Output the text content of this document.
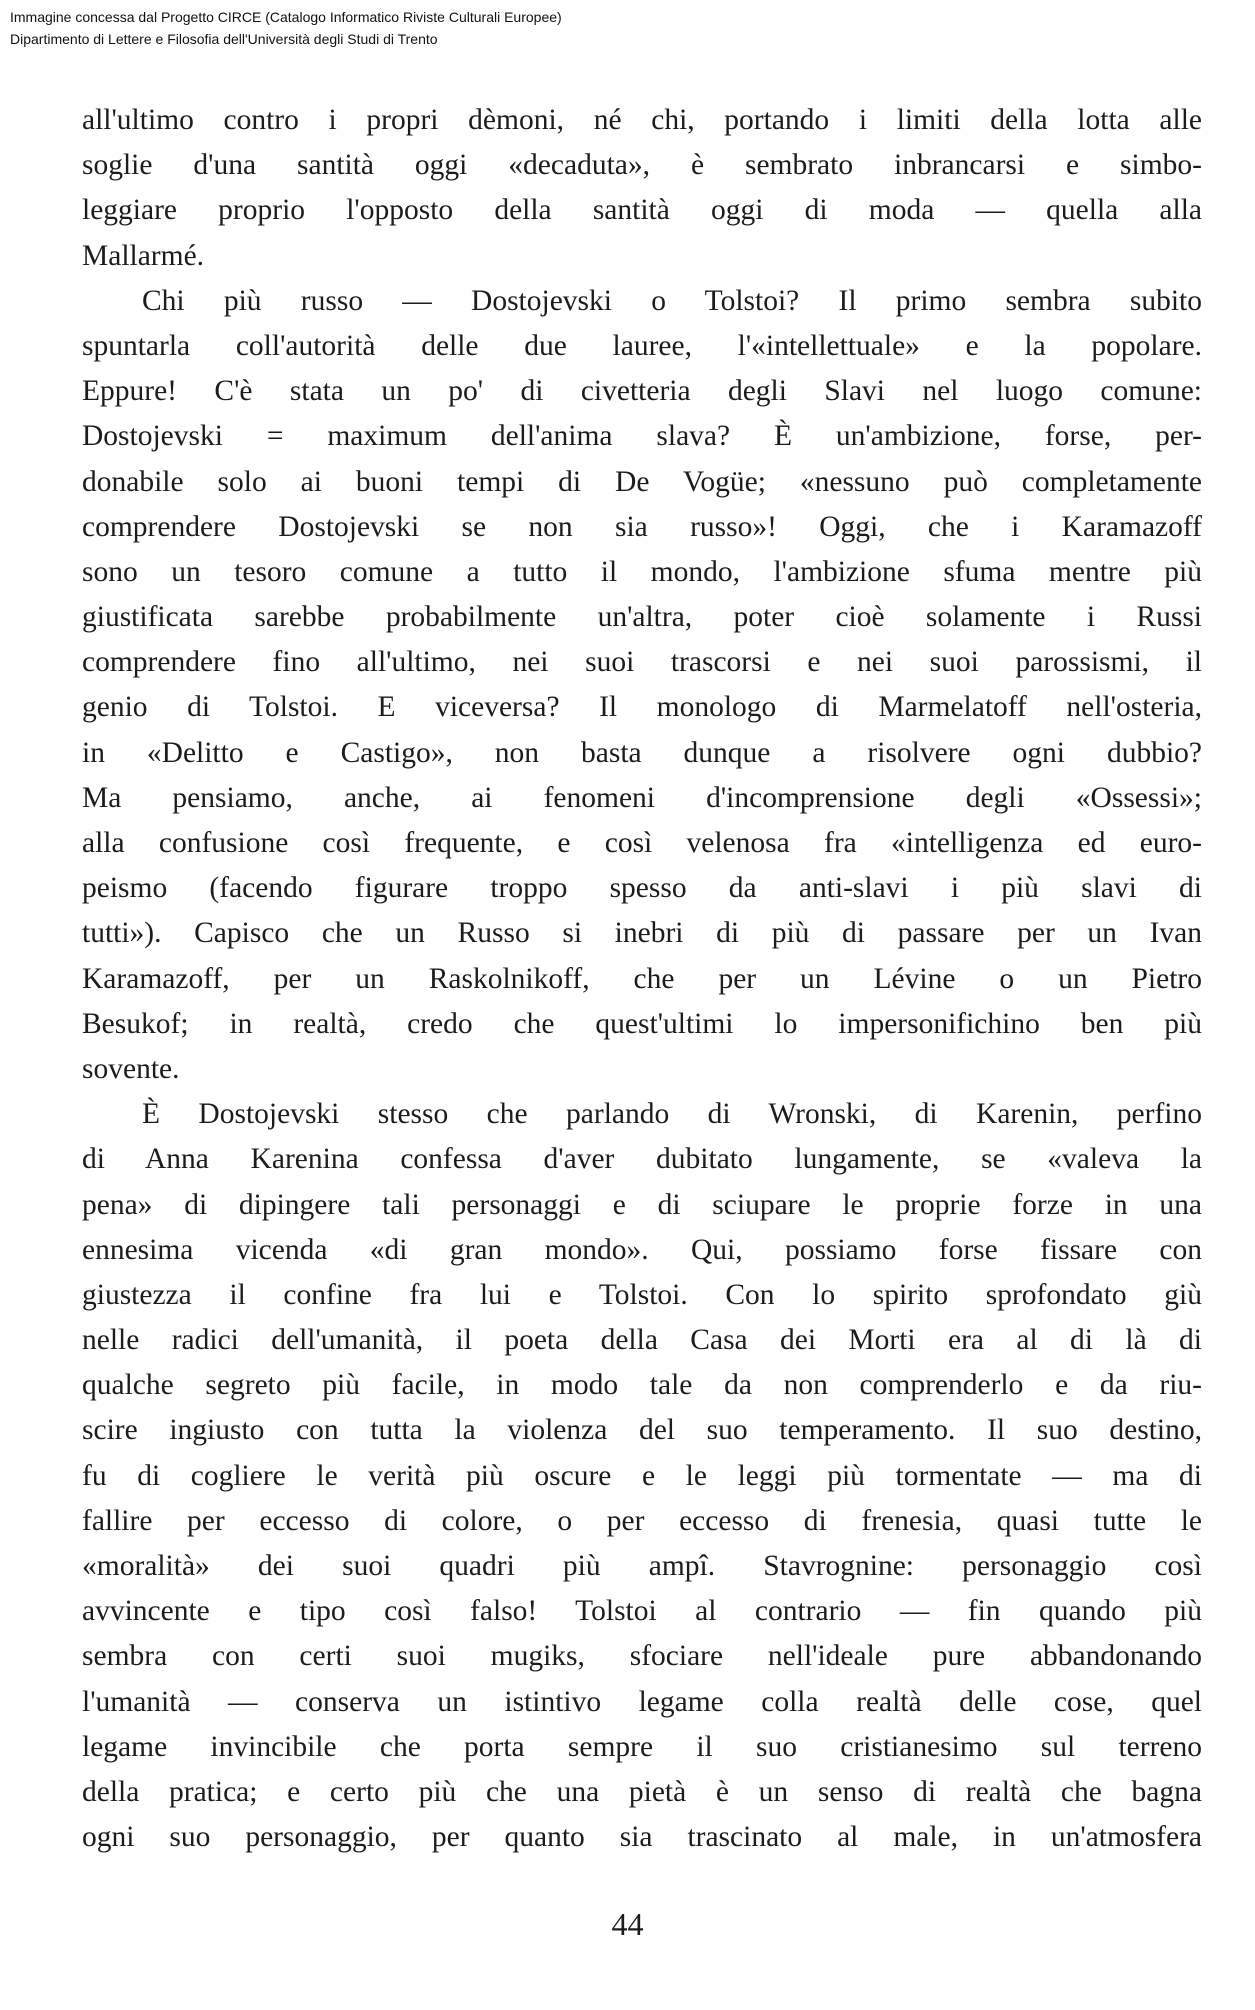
Immagine concessa dal Progetto CIRCE (Catalogo Informatico Riviste Culturali Europee)
Dipartimento di Lettere e Filosofia dell'Università degli Studi di Trento
all'ultimo contro i propri dèmoni, né chi, portando i limiti della lotta alle
soglie d'una santità oggi «decaduta», è sembrato inbrancarsi e simbo-
leggiare proprio l'opposto della santità oggi di moda — quella alla
Mallarmé.
Chi più russo — Dostojevski o Tolstoi? Il primo sembra subito
spuntarla coll'autorità delle due lauree, l'«intellettuale» e la popolare.
Eppure! C'è stata un po' di civetteria degli Slavi nel luogo comune:
Dostojevski = maximum dell'anima slava? È un'ambizione, forse, per-
donabile solo ai buoni tempi di De Vogüe; «nessuno può completamente
comprendere Dostojevski se non sia russo»! Oggi, che i Karamazoff
sono un tesoro comune a tutto il mondo, l'ambizione sfuma mentre più
giustificata sarebbe probabilmente un'altra, poter cioè solamente i Russi
comprendere fino all'ultimo, nei suoi trascorsi e nei suoi parossismi, il
genio di Tolstoi. E viceversa? Il monologo di Marmelatoff nell'osteria,
in «Delitto e Castigo», non basta dunque a risolvere ogni dubbio?
Ma pensiamo, anche, ai fenomeni d'incomprensione degli «Ossessi»;
alla confusione così frequente, e così velenosa fra «intelligenza ed euro-
peismo (facendo figurare troppo spesso da anti-slavi i più slavi di
tutti»). Capisco che un Russo si inebri di più di passare per un Ivan
Karamazoff, per un Raskolnikoff, che per un Lévine o un Pietro
Besukof; in realtà, credo che quest'ultimi lo impersonifichino ben più
sovente.
È Dostojevski stesso che parlando di Wronski, di Karenin, perfino
di Anna Karenina confessa d'aver dubitato lungamente, se «valeva la
pena» di dipingere tali personaggi e di sciupare le proprie forze in una
ennesima vicenda «di gran mondo». Qui, possiamo forse fissare con
giustezza il confine fra lui e Tolstoi. Con lo spirito sprofondato giù
nelle radici dell'umanità, il poeta della Casa dei Morti era al di là di
qualche segreto più facile, in modo tale da non comprenderlo e da riu-
scire ingiusto con tutta la violenza del suo temperamento. Il suo destino,
fu di cogliere le verità più oscure e le leggi più tormentate — ma di
fallire per eccesso di colore, o per eccesso di frenesia, quasi tutte le
«moralità» dei suoi quadri più ampî. Stavrognine: personaggio così
avvincente e tipo così falso! Tolstoi al contrario — fin quando più
sembra con certi suoi mugiks, sfociare nell'ideale pure abbandonando
l'umanità — conserva un istintivo legame colla realtà delle cose, quel
legame invincibile che porta sempre il suo cristianesimo sul terreno
della pratica; e certo più che una pietà è un senso di realtà che bagna
ogni suo personaggio, per quanto sia trascinato al male, in un'atmosfera
44
